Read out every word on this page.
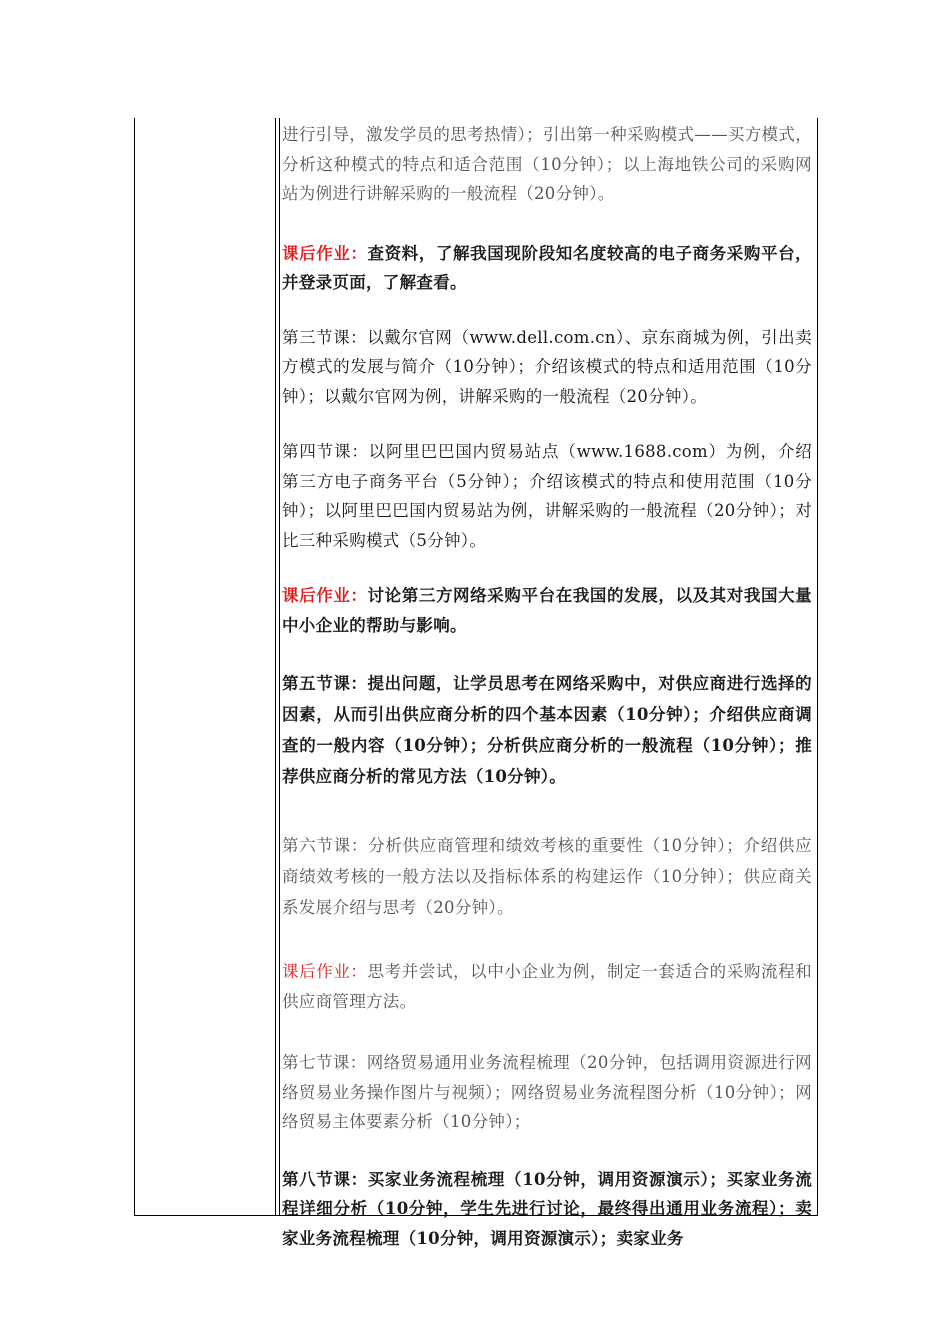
进行引导，激发学员的思考热情）；引出第一种采购模式——买方模式，分析这种模式的特点和适合范围（10分钟）；以上海地铁公司的采购网站为例进行讲解采购的一般流程（20分钟）。

课后作业：查资料，了解我国现阶段知名度较高的电子商务采购平台，并登录页面，了解查看。

第三节课：以戴尔官网（www.dell.com.cn）、京东商城为例，引出卖方模式的发展与简介（10分钟）；介绍该模式的特点和适用范围（10分钟）；以戴尔官网为例，讲解采购的一般流程（20分钟）。

第四节课：以阿里巴巴国内贸易站点（www.1688.com）为例，介绍第三方电子商务平台（5分钟）；介绍该模式的特点和使用范围（10分钟）；以阿里巴巴国内贸易站为例，讲解采购的一般流程（20分钟）；对比三种采购模式（5分钟）。

课后作业：讨论第三方网络采购平台在我国的发展，以及其对我国大量中小企业的帮助与影响。

第五节课：提出问题，让学员思考在网络采购中，对供应商进行选择的因素，从而引出供应商分析的四个基本因素（10分钟）；介绍供应商调查的一般内容（10分钟）；分析供应商分析的一般流程（10分钟）；推荐供应商分析的常见方法（10分钟）。

第六节课：分析供应商管理和绩效考核的重要性（10分钟）；介绍供应商绩效考核的一般方法以及指标体系的构建运作（10分钟）；供应商关系发展介绍与思考（20分钟）。

课后作业：思考并尝试，以中小企业为例，制定一套适合的采购流程和供应商管理方法。

第七节课：网络贸易通用业务流程梳理（20分钟，包括调用资源进行网络贸易业务操作图片与视频）；网络贸易业务流程图分析（10分钟）；网络贸易主体要素分析（10分钟）；

第八节课：买家业务流程梳理（10分钟，调用资源演示）；买家业务流程详细分析（10分钟，学生先进行讨论，最终得出通用业务流程）；卖家业务流程梳理（10分钟，调用资源演示）；卖家业务
